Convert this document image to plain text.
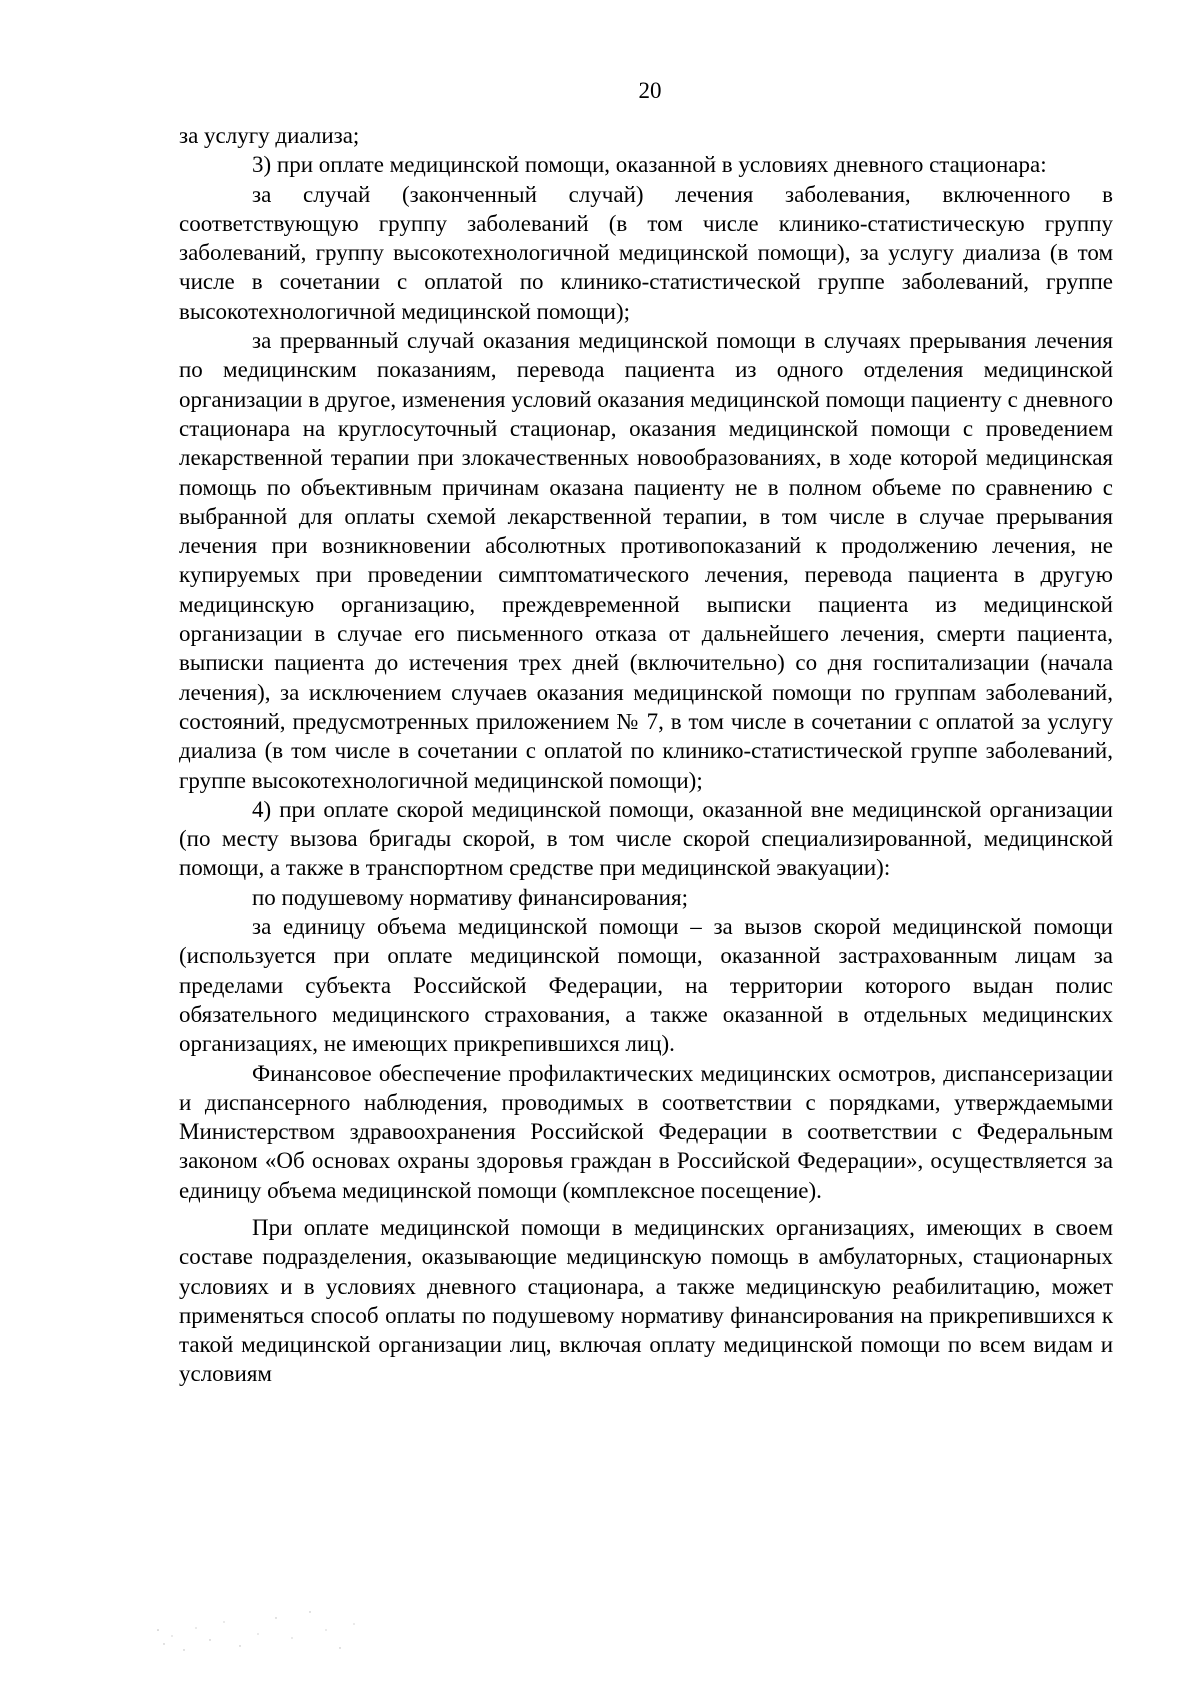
20

за услугу диализа;

3) при оплате медицинской помощи, оказанной в условиях дневного стационара:

за случай (законченный случай) лечения заболевания, включенного в соответствующую группу заболеваний (в том числе клинико-статистическую группу заболеваний, группу высокотехнологичной медицинской помощи), за услугу диализа (в том числе в сочетании с оплатой по клинико-статистической группе заболеваний, группе высокотехнологичной медицинской помощи);

за прерванный случай оказания медицинской помощи в случаях прерывания лечения по медицинским показаниям, перевода пациента из одного отделения медицинской организации в другое, изменения условий оказания медицинской помощи пациенту с дневного стационара на круглосуточный стационар, оказания медицинской помощи с проведением лекарственной терапии при злокачественных новообразованиях, в ходе которой медицинская помощь по объективным причинам оказана пациенту не в полном объеме по сравнению с выбранной для оплаты схемой лекарственной терапии, в том числе в случае прерывания лечения при возникновении абсолютных противопоказаний к продолжению лечения, не купируемых при проведении симптоматического лечения, перевода пациента в другую медицинскую организацию, преждевременной выписки пациента из медицинской организации в случае его письменного отказа от дальнейшего лечения, смерти пациента, выписки пациента до истечения трех дней (включительно) со дня госпитализации (начала лечения), за исключением случаев оказания медицинской помощи по группам заболеваний, состояний, предусмотренных приложением № 7, в том числе в сочетании с оплатой за услугу диализа (в том числе в сочетании с оплатой по клинико-статистической группе заболеваний, группе высокотехнологичной медицинской помощи);

4) при оплате скорой медицинской помощи, оказанной вне медицинской организации (по месту вызова бригады скорой, в том числе скорой специализированной, медицинской помощи, а также в транспортном средстве при медицинской эвакуации):

по подушевому нормативу финансирования;

за единицу объема медицинской помощи – за вызов скорой медицинской помощи (используется при оплате медицинской помощи, оказанной застрахованным лицам за пределами субъекта Российской Федерации, на территории которого выдан полис обязательного медицинского страхования, а также оказанной в отдельных медицинских организациях, не имеющих прикрепившихся лиц).

Финансовое обеспечение профилактических медицинских осмотров, диспансеризации и диспансерного наблюдения, проводимых в соответствии с порядками, утверждаемыми Министерством здравоохранения Российской Федерации в соответствии с Федеральным законом «Об основах охраны здоровья граждан в Российской Федерации», осуществляется за единицу объема медицинской помощи (комплексное посещение).

При оплате медицинской помощи в медицинских организациях, имеющих в своем составе подразделения, оказывающие медицинскую помощь в амбулаторных, стационарных условиях и в условиях дневного стационара, а также медицинскую реабилитацию, может применяться способ оплаты по подушевому нормативу финансирования на прикрепившихся к такой медицинской организации лиц, включая оплату медицинской помощи по всем видам и условиям
